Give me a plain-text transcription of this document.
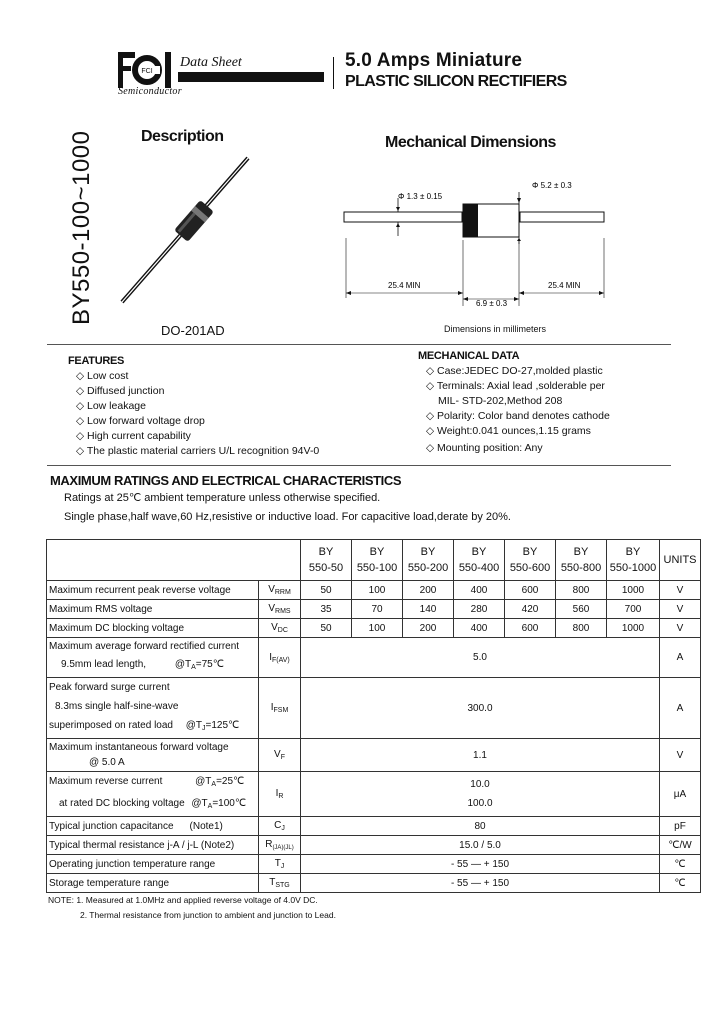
FCI
Data Sheet
Semiconductor
5.0 Amps Miniature
PLASTIC SILICON RECTIFIERS
BY550-100~1000	Description	Mechanical Dimensions
DO-201AD
Φ 1.3 ± 0.15
Φ 5.2 ± 0.3
25.4 MIN	25.4 MIN
6.9 ± 0.3
Dimensions in millimeters
FEATURES
◇ Low cost
◇ Diffused junction
◇ Low leakage
◇ Low forward voltage drop
◇ High current capability
◇ The plastic material carriers U/L recognition 94V-0
MECHANICAL DATA
◇ Case:JEDEC DO-27,molded plastic
◇ Terminals: Axial lead ,solderable per
MIL- STD-202,Method 208
◇ Polarity: Color band denotes cathode
◇ Weight:0.041 ounces,1.15 grams
◇ Mounting position: Any
MAXIMUM RATINGS AND ELECTRICAL CHARACTERISTICS
Ratings at 25℃ ambient temperature unless otherwise specified.
Single phase,half wave,60 Hz,resistive or inductive load. For capacitive load,derate by 20%.
		BY
550-50	BY
550-100	BY
550-200	BY
550-400	BY
550-600	BY
550-800	BY
550-1000	UNITS
Maximum recurrent peak reverse voltage	$V_{RRM}$	50	100	200	400	600	800	1000	V
Maximum RMS voltage	$V_{RMS}$	35	70	140	280	420	560	700	V
Maximum DC blocking voltage	$V_{DC}$	50	100	200	400	600	800	1000	V
Maximum average forward rectified current
9.5mm lead length, $@T_A=75℃$	$I_{F(AV)}$	5.0							A
Peak forward surge current
8.3ms single half-sine-wave
superimposed on rated load $@T_J=125℃$	$I_{FSM}$	300.0							A
Maximum instantaneous forward voltage
@ 5.0 A	$V_F$	1.1							V
Maximum reverse current $@T_A=25℃$
at rated DC blocking voltage $@T_A=100℃$	$I_R$	10.0
100.0							μA
Typical junction capacitance (Note1)	$C_J$	80							pF
Typical thermal resistance j-A / j-L (Note2)	$R_{(JA)(JL)}$	15.0 / 5.0							℃/W
Operating junction temperature range	$T_J$	- 55 — + 150							℃
Storage temperature range	$T_{STG}$	- 55 — + 150							℃
NOTE: 1. Measured at 1.0MHz and applied reverse voltage of 4.0V DC.
2. Thermal resistance from junction to ambient and junction to Lead.
